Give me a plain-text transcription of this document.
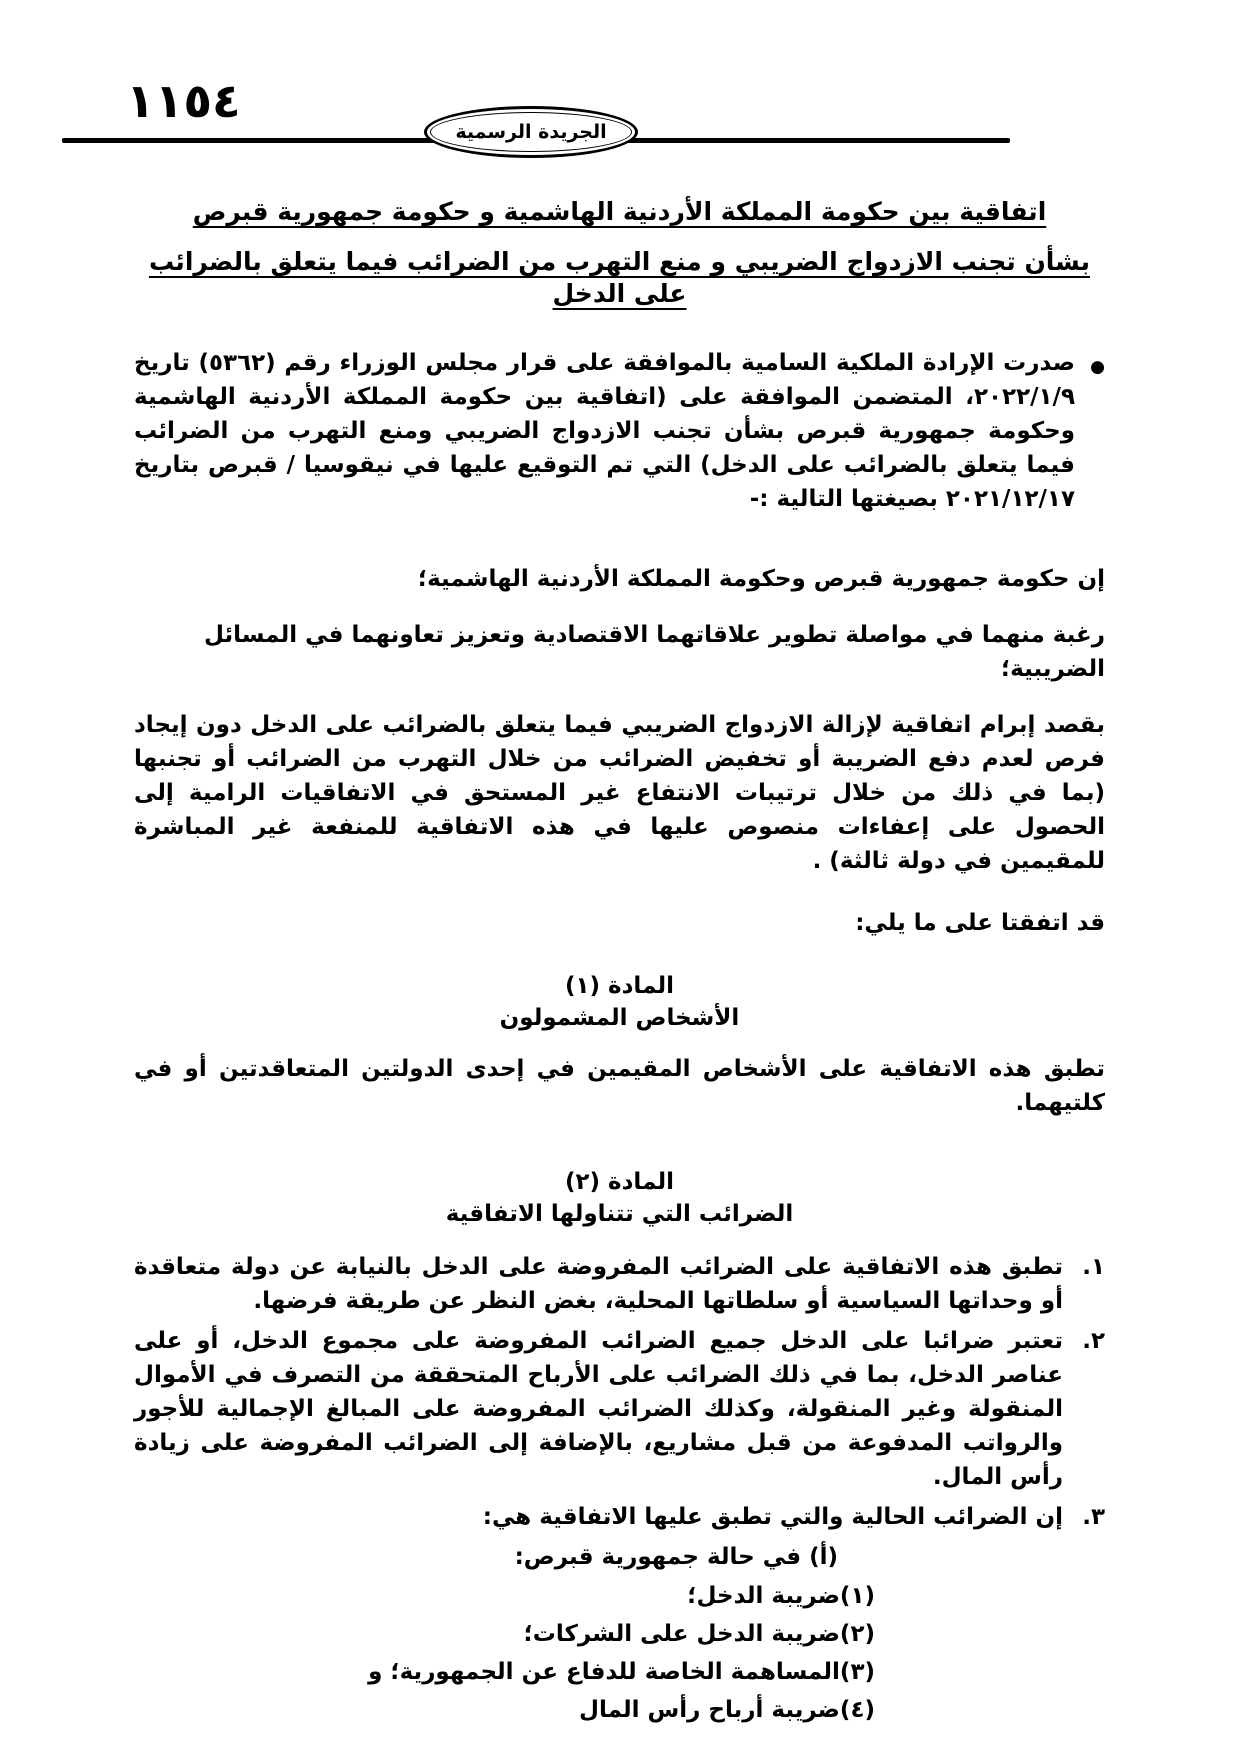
١١٥٤
الجريدة الرسمية
اتفاقية بين حكومة المملكة الأردنية الهاشمية و حكومة جمهورية قبرص
بشأن تجنب الازدواج الضريبي و منع التهرب من الضرائب فيما يتعلق بالضرائب على الدخل
●
صدرت الإرادة الملكية السامية بالموافقة على قرار مجلس الوزراء رقم (٥٣٦٢) تاريخ ٢٠٢٢/١/٩، المتضمن الموافقة على (اتفاقية بين حكومة المملكة الأردنية الهاشمية وحكومة جمهورية قبرص بشأن تجنب الازدواج الضريبي ومنع التهرب من الضرائب فيما يتعلق بالضرائب على الدخل) التي تم التوقيع عليها في نيقوسيا / قبرص بتاريخ ٢٠٢١/١٢/١٧ بصيغتها التالية :-
إن حكومة جمهورية قبرص وحكومة المملكة الأردنية الهاشمية؛
رغبة منهما في مواصلة تطوير علاقاتهما الاقتصادية وتعزيز تعاونهما في المسائل الضريبية؛
بقصد إبرام اتفاقية لإزالة الازدواج الضريبي فيما يتعلق بالضرائب على الدخل دون إيجاد فرص لعدم دفع الضريبة أو تخفيض الضرائب من خلال التهرب من الضرائب أو تجنبها (بما في ذلك من خلال ترتيبات الانتفاع غير المستحق في الاتفاقيات الرامية إلى الحصول على إعفاءات منصوص عليها في هذه الاتفاقية للمنفعة غير المباشرة للمقيمين في دولة ثالثة) .
قد اتفقتا على ما يلي:
المادة (١)
الأشخاص المشمولون
تطبق هذه الاتفاقية على الأشخاص المقيمين في إحدى الدولتين المتعاقدتين أو في كلتيهما.
المادة (٢)
الضرائب التي تتناولها الاتفاقية
١.
تطبق هذه الاتفاقية على الضرائب المفروضة على الدخل بالنيابة عن دولة متعاقدة أو وحداتها السياسية أو سلطاتها المحلية، بغض النظر عن طريقة فرضها.
٢.
تعتبر ضرائبا على الدخل جميع الضرائب المفروضة على مجموع الدخل، أو على عناصر الدخل، بما في ذلك الضرائب على الأرباح المتحققة من التصرف في الأموال المنقولة وغير المنقولة، وكذلك الضرائب المفروضة على المبالغ الإجمالية للأجور والرواتب المدفوعة من قبل مشاريع، بالإضافة إلى الضرائب المفروضة على زيادة رأس المال.
٣.
إن الضرائب الحالية والتي تطبق عليها الاتفاقية هي:
(أ) في حالة جمهورية قبرص:
(١)ضريبة الدخل؛
(٢)ضريبة الدخل على الشركات؛
(٣)المساهمة الخاصة للدفاع عن الجمهورية؛ و
(٤)ضريبة أرباح رأس المال
